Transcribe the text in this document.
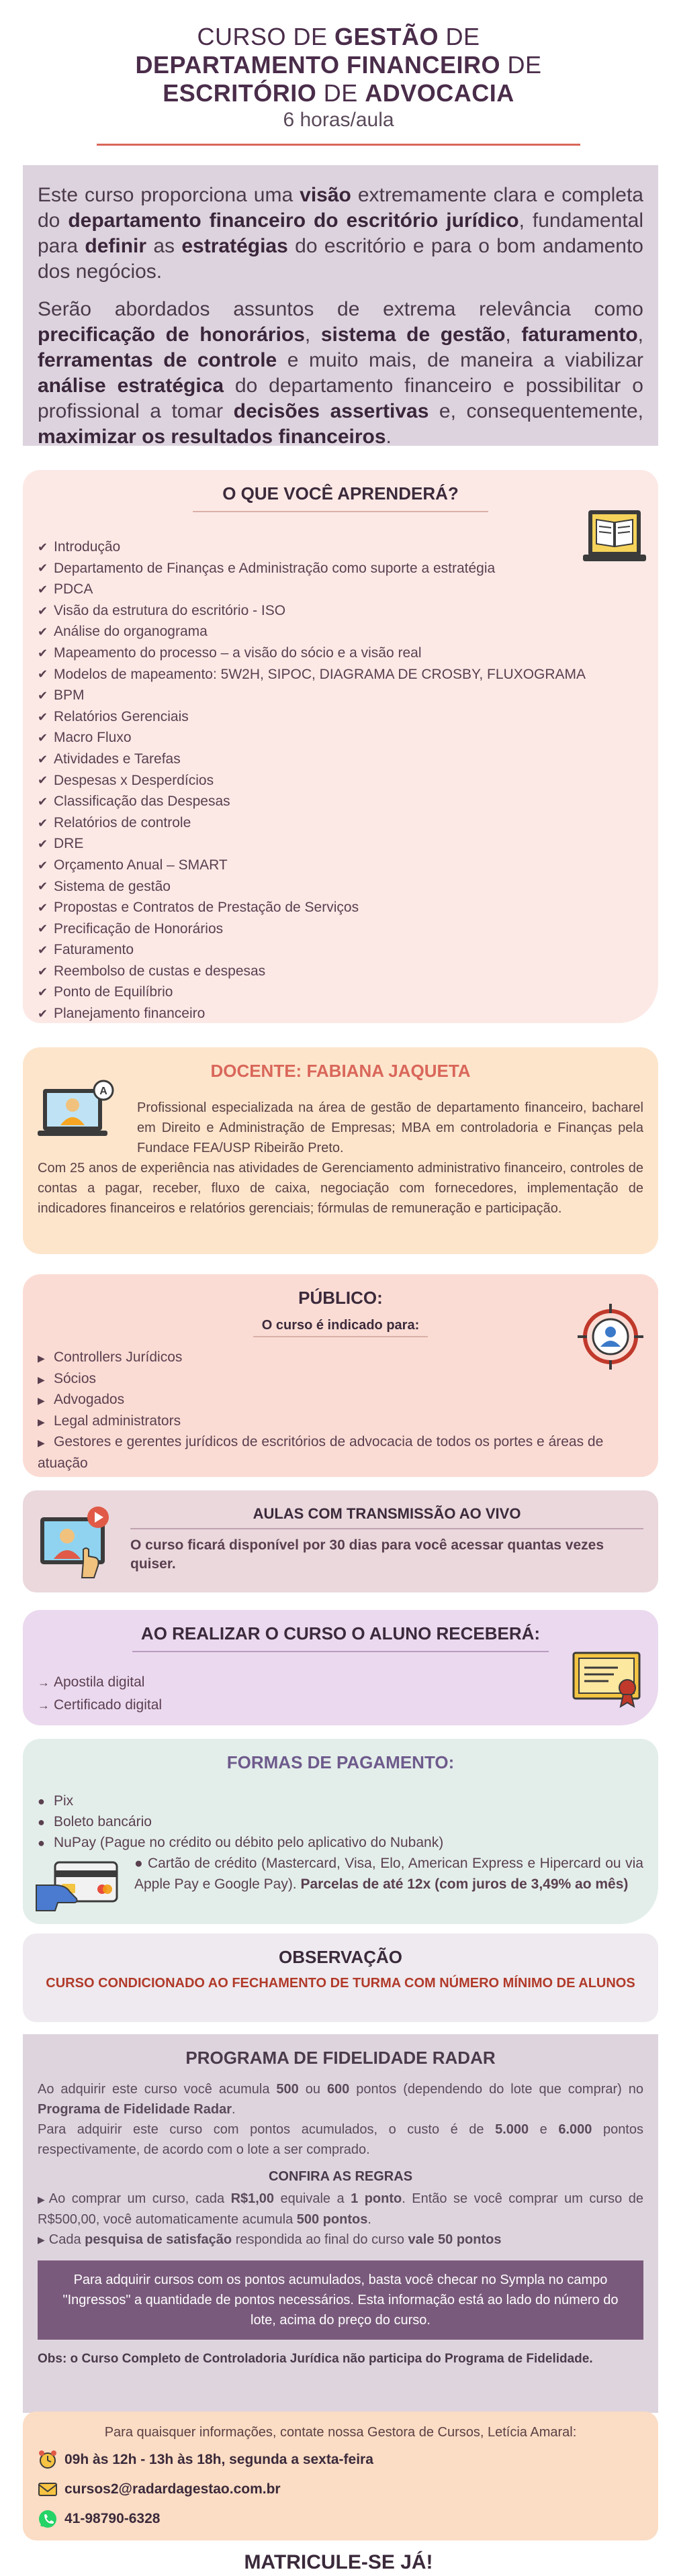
CURSO DE GESTÃO DE
DEPARTAMENTO FINANCEIRO DE
ESCRITÓRIO DE ADVOCACIA
6 horas/aula

Este curso proporciona uma visão extremamente clara e completa do departamento financeiro do escritório jurídico, fundamental para definir as estratégias do escritório e para o bom andamento dos negócios.

Serão abordados assuntos de extrema relevância como precificação de honorários, sistema de gestão, faturamento, ferramentas de controle e muito mais, de maneira a viabilizar análise estratégica do departamento financeiro e possibilitar o profissional a tomar decisões assertivas e, consequentemente, maximizar os resultados financeiros.

O QUE VOCÊ APRENDERÁ?
✔ Introdução
✔ Departamento de Finanças e Administração como suporte a estratégia
✔ PDCA
✔ Visão da estrutura do escritório - ISO
✔ Análise do organograma
✔ Mapeamento do processo – a visão do sócio e a visão real
✔ Modelos de mapeamento: 5W2H, SIPOC, DIAGRAMA DE CROSBY, FLUXOGRAMA
✔ BPM
✔ Relatórios Gerenciais
✔ Macro Fluxo
✔ Atividades e Tarefas
✔ Despesas x Desperdícios
✔ Classificação das Despesas
✔ Relatórios de controle
✔ DRE
✔ Orçamento Anual – SMART
✔ Sistema de gestão
✔ Propostas e Contratos de Prestação de Serviços
✔ Precificação de Honorários
✔ Faturamento
✔ Reembolso de custas e despesas
✔ Ponto de Equilíbrio
✔ Planejamento financeiro
DOCENTE: FABIANA JAQUETA
A
Profissional especializada na área de gestão de departamento financeiro, bacharel em Direito e Administração de Empresas; MBA em controladoria e Finanças pela Fundace FEA/USP Ribeirão Preto.
Com 25 anos de experiência nas atividades de Gerenciamento administrativo financeiro, controles de contas a pagar, receber, fluxo de caixa, negociação com fornecedores, implementação de indicadores financeiros e relatórios gerenciais; fórmulas de remuneração e participação.
PÚBLICO:
O curso é indicado para:
▶ Controllers Jurídicos
▶ Sócios
▶ Advogados
▶ Legal administrators
▶ Gestores e gerentes jurídicos de escritórios de advocacia de todos os portes e áreas de atuação
AULAS COM TRANSMISSÃO AO VIVO

O curso ficará disponível por 30 dias para você acessar quantas vezes quiser.

AO REALIZAR O CURSO O ALUNO RECEBERÁ:
→ Apostila digital
→ Certificado digital
FORMAS DE PAGAMENTO:
● Pix
● Boleto bancário
● NuPay (Pague no crédito ou débito pelo aplicativo do Nubank)
● Cartão de crédito (Mastercard, Visa, Elo, American Express e Hipercard ou via Apple Pay e Google Pay). Parcelas de até 12x (com juros de 3,49% ao mês)
OBSERVAÇÃO
CURSO CONDICIONADO AO FECHAMENTO DE TURMA COM NÚMERO MÍNIMO DE ALUNOS
PROGRAMA DE FIDELIDADE RADAR

Ao adquirir este curso você acumula 500 ou 600 pontos (dependendo do lote que comprar) no Programa de Fidelidade Radar.

Para adquirir este curso com pontos acumulados, o custo é de 5.000 e 6.000 pontos respectivamente, de acordo com o lote a ser comprado.

CONFIRA AS REGRAS
▶ Ao comprar um curso, cada R$1,00 equivale a 1 ponto. Então se você comprar um curso de R$500,00, você automaticamente acumula 500 pontos.
▶ Cada pesquisa de satisfação respondida ao final do curso vale 50 pontos
Para adquirir cursos com os pontos acumulados, basta você checar no Sympla no campo "Ingressos" a quantidade de pontos necessários. Esta informação está ao lado do número do lote, acima do preço do curso.
Obs: o Curso Completo de Controladoria Jurídica não participa do Programa de Fidelidade.
Para quaisquer informações, contate nossa Gestora de Cursos, Letícia Amaral:
09h às 12h - 13h às 18h, segunda a sexta-feira
cursos2@radardagestao.com.br
41-98790-6328
MATRICULE-SE JÁ!
